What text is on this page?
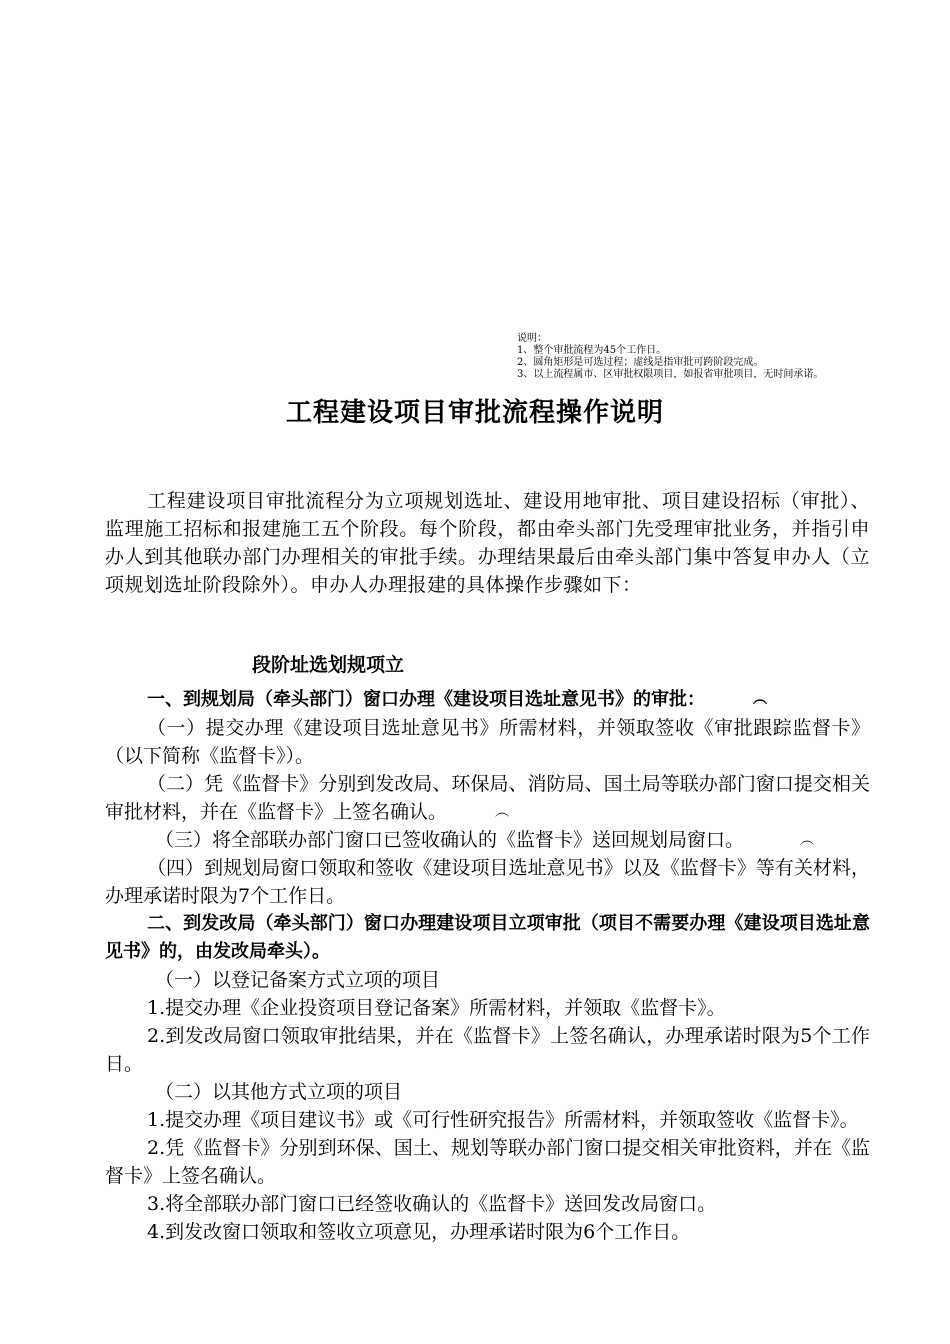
说明：
1、整个审批流程为45个工作日。
2、圆角矩形是可选过程；虚线是指审批可跨阶段完成。
3、以上流程属市、区审批权限项目，如报省审批项目，无时间承诺。
工程建设项目审批流程操作说明
工程建设项目审批流程分为立项规划选址、建设用地审批、项目建设招标（审批）、监理施工招标和报建施工五个阶段。每个阶段，都由牵头部门先受理审批业务，并指引申办人到其他联办部门办理相关的审批手续。办理结果最后由牵头部门集中答复申办人（立项规划选址阶段除外）。申办人办理报建的具体操作步骤如下：
段阶址选划规项立

一、到规划局（牵头部门）窗口办理《建设项目选址意见书》的审批：	︵

（一）提交办理《建设项目选址意见书》所需材料，并领取签收《审批跟踪监督卡》（以下简称《监督卡》）。

（二）凭《监督卡》分别到发改局、环保局、消防局、国土局等联办部门窗口提交相关审批材料，并在《监督卡》上签名确认。	︵

（三）将全部联办部门窗口已签收确认的《监督卡》送回规划局窗口。	︵

（四）到规划局窗口领取和签收《建设项目选址意见书》以及《监督卡》等有关材料，办理承诺时限为7个工作日。

二、到发改局（牵头部门）窗口办理建设项目立项审批（项目不需要办理《建设项目选址意见书》的，由发改局牵头）。

（一）以登记备案方式立项的项目

1.提交办理《企业投资项目登记备案》所需材料，并领取《监督卡》。

2.到发改局窗口领取审批结果，并在《监督卡》上签名确认，办理承诺时限为5个工作日。

（二）以其他方式立项的项目

1.提交办理《项目建议书》或《可行性研究报告》所需材料，并领取签收《监督卡》。

2.凭《监督卡》分别到环保、国土、规划等联办部门窗口提交相关审批资料，并在《监督卡》上签名确认。

3.将全部联办部门窗口已经签收确认的《监督卡》送回发改局窗口。

4.到发改窗口领取和签收立项意见，办理承诺时限为6个工作日。
